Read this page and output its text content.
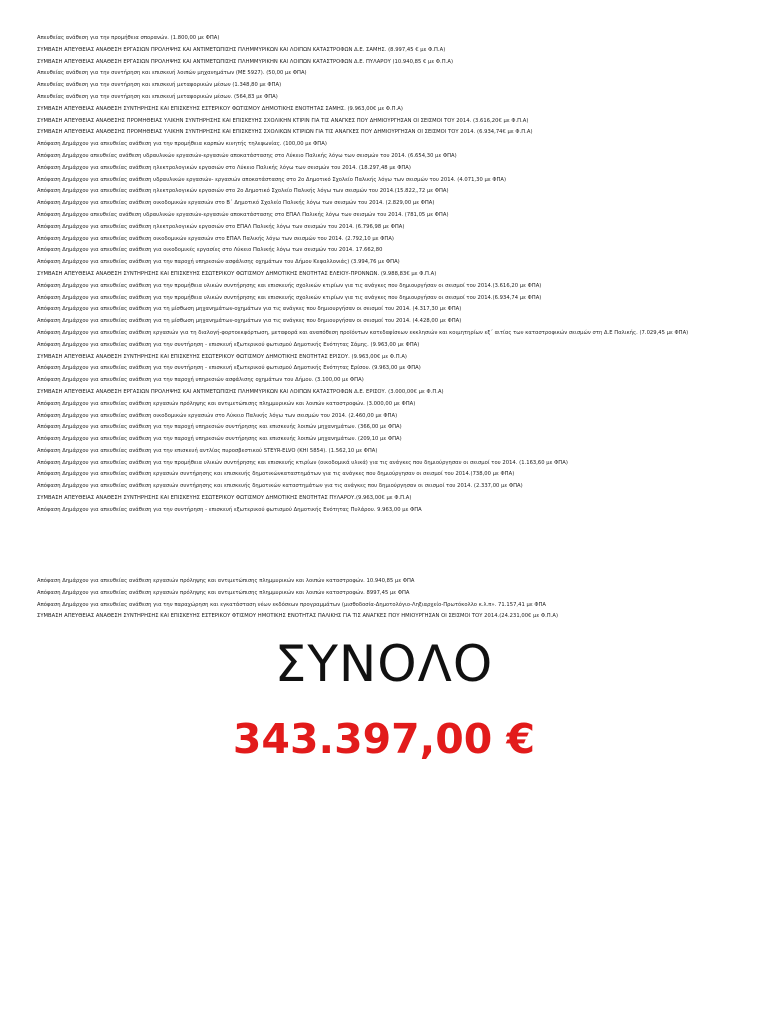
Απευθείας ανάθεση για την προμήθεια σπορανών. (1.800,00 με ΦΠΑ)
ΣΥΜΒΑΣΗ ΑΠΕΥΘΕΙΑΣ ΑΝΑΘΕΣΗ ΕΡΓΑΣΙΩΝ ΠΡΟΛΗΨΗΣ ΚΑΙ ΑΝΤΙΜΕΤΩΠΙΣΗΣ ΠΛΗΜΜΥΡΙΚΩΝ ΚΑΙ ΛΟΙΠΩΝ ΚΑΤΑΣΤΡΟΦΩΝ Δ.Ε. ΣΑΜΗΣ. (8.997,45 € με Φ.Π.Α)
ΣΥΜΒΑΣΗ ΑΠΕΥΘΕΙΑΣ ΑΝΑΘΕΣΗ ΕΡΓΑΣΙΩΝ ΠΡΟΛΗΨΗΣ ΚΑΙ ΑΝΤΙΜΕΤΩΠΙΣΗΣ ΠΛΗΜΜΥΡΙΚΗΝ ΚΑΙ ΛΟΙΠΩΝ ΚΑΤΑΣΤΡΟΦΩΝ Δ.Ε. ΠΥΛΑΡΟΥ (10.940,85 € με Φ.Π.Α)
Απευθείας ανάθεση για την συντήρηση και επισκευή λοιπών μηχανημάτων (ΜΕ 5927). (50,00 με ΦΠΑ)
Απευθείας ανάθεση για την συντήρηση και επισκευή μεταφορικών μέσων (1.348,80 με ΦΠΑ)
Απευθείας ανάθεση για την συντήρηση και επισκευή μεταφορικών μέσων. (564,83 με ΦΠΑ)
ΣΥΜΒΑΣΗ ΑΠΕΥΘΕΙΑΣ ΑΝΑΘΕΣΗ ΣΥΝΤΗΡΗΣΗΣ ΚΑΙ ΕΠΙΣΚΕΥΗΣ ΕΣΤΕΡΙΚΟΥ ΦΩΤΙΣΜΟΥ ΔΗΜΟΤΙΚΗΣ ΕΝΟΤΗΤΑΣ ΣΑΜΗΣ. (9.963,00€ με Φ.Π.Α)
ΣΥΜΒΑΣΗ ΑΠΕΥΘΕΙΑΣ ΑΝΑΘΕΣΗΣ ΠΡΟΜΗΘΕΙΑΣ ΥΛΙΚΗΝ ΣΥΝΤΗΡΗΣΗΣ ΚΑΙ ΕΠΙΣΚΕΥΗΣ ΣΧΟΛΙΚΗΝ ΚΤΙΡΙΝ ΓΙΑ ΤΙΣ ΑΝΑΓΚΕΣ ΠΟΥ ΔΗΜΙΟΥΡΓΗΣΑΝ ΟΙ ΣΕΙΣΜΟΙ ΤΟΥ 2014. (3.616,20€ με Φ.Π.Α)
ΣΥΜΒΑΣΗ ΑΠΕΥΘΕΙΑΣ ΑΝΑΘΕΣΗΣ ΠΡΟΜΗΘΕΙΑΣ ΥΛΙΚΗΝ ΣΥΝΤΗΡΗΣΗΣ ΚΑΙ ΕΠΙΣΚΕΥΗΣ ΣΧΟΛΙΚΩΝ ΚΤΙΡΙΩΝ ΓΙΑ ΤΙΣ ΑΝΑΓΚΕΣ ΠΟΥ ΔΗΜΙΟΥΡΓΗΣΑΝ ΟΙ ΣΕΙΣΜΟΙ ΤΟΥ 2014. (6.934,74€ με Φ.Π.Α)
Απόφαση Δημάρχου για απευθείας ανάθεση για την προμήθεια καρπών κινητής τηλεφωνίας. (100,00 με ΦΠΑ)
Απόφαση Δημάρχου απευθείας ανάθεση υδραυλικών εργασιών-εργασιών αποκατάστασης στο Λύκειο Παλικής λόγω των σεισμών του 2014. (6.654,30 με ΦΠΑ)
Απόφαση Δημάρχου για απευθείας ανάθεση ηλεκτρολογικών εργασιών στο Λύκειο Παλικής λόγω των σεισμών του 2014. (18.297,48 με ΦΠΑ)
Απόφαση Δημάρχου για απευθείας ανάθεση υδραυλικών εργασιών- εργασιών αποκατάστασης στο 2ο Δημοτικό Σχολείο Παλικής λόγω των σεισμών του 2014. (4.071,30 με ΦΠΑ)
Απόφαση Δημάρχου για απευθείας ανάθεση ηλεκτρολογικών εργασιών στο 2ο Δημοτικό Σχολείο Παλικής λόγω των σεισμών του 2014.(15.822,,72 με ΦΠΑ)
Απόφαση Δημάρχου για απευθείας ανάθεση οικοδομικών εργασιών στο Β΄ Δημοτικό Σχολείο Παλικής λόγω των σεισμών του 2014. (2.829,00 με ΦΠΑ)
Απόφαση Δημάρχου απευθείας ανάθεση υδραυλικών εργασιών-εργασιών αποκατάστασης στο ΕΠΑΛ Παλικής λόγω των σεισμών του 2014. (781,05 με ΦΠΑ)
Απόφαση Δημάρχου για απευθείας ανάθεση ηλεκτρολογικών εργασιών στο ΕΠΑΛ Παλικής λόγω των σεισμών του 2014. (6.796,98 με ΦΠΑ)
Απόφαση Δημάρχου για απευθείας ανάθεση οικοδομικών εργασιών στο ΕΠΑΛ Παλικής λόγω των σεισμών του 2014. (2.792,10 με ΦΠΑ)
Απόφαση Δημάρχου για απευθείας ανάθεση για οικοδομικές εργασίες στο Λύκειο Παλικής λόγω των σεισμών του 2014. 17.662,80
Απόφαση Δημάρχου για απευθείας ανάθεση για την παροχή υπηρεσιών ασφάλισης οχημάτων του Δήμου Κεφαλλονιάς) (3.994,76 με ΦΠΑ)
ΣΥΜΒΑΣΗ ΑΠΕΥΘΕΙΑΣ ΑΝΑΘΕΣΗ ΣΥΝΤΗΡΗΣΗΣ ΚΑΙ ΕΠΙΣΚΕΥΗΣ ΕΣΩΤΕΡΙΚΟΥ ΦΩΤΙΣΜΟΥ ΔΗΜΟΤΙΚΗΣ ΕΝΟΤΗΤΑΣ ΕΛΕΙΟΥ-ΠΡΟΝΝΩΝ. (9.988,83€ με Φ.Π.Α)
Απόφαση Δημάρχου για απευθείας ανάθεση για την προμήθεια υλικών συντήρησης και επισκευής σχολικών κτιρίων για τις ανάγκες που δημιουργήσαν οι σεισμοί του 2014.(3.616,20 με ΦΠΑ)
Απόφαση Δημάρχου για απευθείας ανάθεση για την προμήθεια υλικών συντήρησης και επισκευής σχολικών κτιρίων για τις ανάγκες που δημιουργήσαν οι σεισμοί του 2014.(6.934,74 με ΦΠΑ)
Απόφαση Δημάρχου για απευθείας ανάθεση για τη μίσθωση μηχανημάτων-οχημάτων για τις ανάγκες που δημιουργήσαν οι σεισμοί του 2014. (4.317,30 με ΦΠΑ)
Απόφαση Δημάρχου για απευθείας ανάθεση για τη μίσθωση μηχανημάτων-οχημάτων για τις ανάγκες που δημιουργήσαν οι σεισμοί του 2014. (4.428,00 με ΦΠΑ)
Απόφαση Δημάρχου για απευθείας ανάθεση εργασιών για τη διαλογή-φορτοεκφόρτωση, μεταφορά και αναπόθεση προϊόντων κατεδαφίσεων εκκλησιών και κοιμητηρίων εξ΄ αιτίας των καταστροφικών σεισμών στη Δ.Ε Παλικής. (7.029,45 με ΦΠΑ)
Απόφαση Δημάρχου για απευθείας ανάθεση για την συντήρηση - επισκευή εξωτερικού φωτισμού Δημοτικής Ενότητας Σάμης. (9.963,00 με ΦΠΑ)
ΣΥΜΒΑΣΗ ΑΠΕΥΘΕΙΑΣ ΑΝΑΘΕΣΗ ΣΥΝΤΗΡΗΣΗΣ ΚΑΙ ΕΠΙΣΚΕΥΗΣ ΕΣΩΤΕΡΙΚΟΥ ΦΩΤΙΣΜΟΥ ΔΗΜΟΤΙΚΗΣ ΕΝΟΤΗΤΑΣ ΕΡΙΣΟΥ. (9.963,00€ με Φ.Π.Α)
Απόφαση Δημάρχου για απευθείας ανάθεση για την συντήρηση - επισκευή εξωτερικού φωτισμού Δημοτικής Ενότητας Ερίσου. (9.963,00 με ΦΠΑ)
Απόφαση Δημάρχου για απευθείας ανάθεση για την παροχή υπηρεσιών ασφάλισης οχημάτων του Δήμου. (3.100,00 με ΦΠΑ)
ΣΥΜΒΑΣΗ ΑΠΕΥΘΕΙΑΣ ΑΝΑΘΕΣΗ ΕΡΓΑΣΙΩΝ ΠΡΟΛΗΨΗΣ ΚΑΙ ΑΝΤΙΜΕΤΩΠΙΣΗΣ ΠΛΗΜΜΥΡΙΚΩΝ ΚΑΙ ΛΟΙΠΩΝ ΚΑΤΑΣΤΡΟΦΩΝ Δ.Ε. ΕΡΙΣΟΥ. (3.000,00€ με Φ.Π.Α)
Απόφαση Δημάρχου για απευθείας ανάθεση εργασιών πρόληψης και αντιμετώπισης πλημμυρικών και λοιπών καταστροφών. (3.000,00 με ΦΠΑ)
Απόφαση Δημάρχου για απευθείας ανάθεση οικοδομικών εργασιών στο Λύκειο Παλικής λόγω των σεισμών του 2014. (2.460,00 με ΦΠΑ)
Απόφαση Δημάρχου για απευθείας ανάθεση για την παροχή υπηρεσιών συντήρησης και επισκευής λοιπών μηχανημάτων. (366,00 με ΦΠΑ)
Απόφαση Δημάρχου για απευθείας ανάθεση για την παροχή υπηρεσιών συντήρησης και επισκευής λοιπών μηχανημάτων. (209,10 με ΦΠΑ)
Απόφαση Δημάρχου για απευθείας ανάθεση για την επισκευή αντλίας πυροσβεστικού STEYR-ELVO (ΚΗΙ 5854). (1.562,10 με ΦΠΑ)
Απόφαση Δημάρχου για απευθείας ανάθεση για την προμήθεια υλικών συντήρησης και επισκευής κτιρίων (οικοδομικά υλικά) για τις ανάγκες που δημιούργησαν οι σεισμοί του 2014. (1.163,60 με ΦΠΑ)
Απόφαση Δημάρχου για απευθείας ανάθεση εργασιών συντήρησης και επισκευής δημοτικώνκαταστημάτων για τις ανάγκες που δημιούργησαν οι σεισμοί του 2014.(738,00 με ΦΠΑ)
Απόφαση Δημάρχου για απευθείας ανάθεση εργασιών συντήρησης και επισκευής δημοτικών καταστημάτων για τις ανάγκες που δημιούργησαν οι σεισμοί του 2014. (2.337,00 με ΦΠΑ)
ΣΥΜΒΑΣΗ ΑΠΕΥΘΕΙΑΣ ΑΝΑΘΕΣΗ ΣΥΝΤΗΡΗΣΗΣ ΚΑΙ ΕΠΙΣΚΕΥΗΣ ΕΣΩΤΕΡΙΚΟΥ ΦΩΤΙΣΜΟΥ ΔΗΜΟΤΙΚΗΣ ΕΝΟΤΗΤΑΣ ΠΥΛΑΡΟΥ.(9.963,00€ με Φ.Π.Α)
Απόφαση Δημάρχου για απευθείας ανάθεση για την συντήρηση - επισκευή εξωτερικού φωτισμού Δημοτικής Ενότητας Πυλάρου. 9.963,00 με ΦΠΑ
Απόφαση Δημάρχου για απευθείας ανάθεση εργασιών πρόληψης και αντιμετώπισης πλημμυρικών και λοιπών καταστροφών. 10.940,85 με ΦΠΑ
Απόφαση Δημάρχου για απευθείας ανάθεση εργασιών πρόληψης και αντιμετώπισης πλημμυρικών και λοιπών καταστροφών. 8997,45 με ΦΠΑ
Απόφαση Δημάρχου για απευθείας ανάθεση για την παραχώρηση και εγκατάσταση νέων εκδόσεων προγραμμάτων (μισθοδοσία-Δημοτολόγιο-Ληξιαρχείο-Πρωτόκολλο κ.λ.π». 71.157,41 με ΦΠΑ
ΣΥΜΒΑΣΗ ΑΠΕΥΘΕΙΑΣ ΑΝΑΘΕΣΗ ΣΥΝΤΗΡΗΣΗΣ ΚΑΙ ΕΠΙΣΚΕΥΗΣ ΕΣΤΕΡΙΚΟΥ ΦΤΙΣΜΟΥ ΗΜΟΤΙΚΗΣ ΕΝΟΤΗΤΑΣ ΠΑΛΙΚΗΣ ΓΙΑ ΤΙΣ ΑΝΑΓΚΕΣ ΠΟΥ ΗΜΙΟΥΡΓΗΣΑΝ ΟΙ ΣΕΙΣΜΟΙ ΤΟΥ 2014.(24.231,00€ με Φ.Π.Α)
ΣΥΝΟΛΟ
343.397,00 €
